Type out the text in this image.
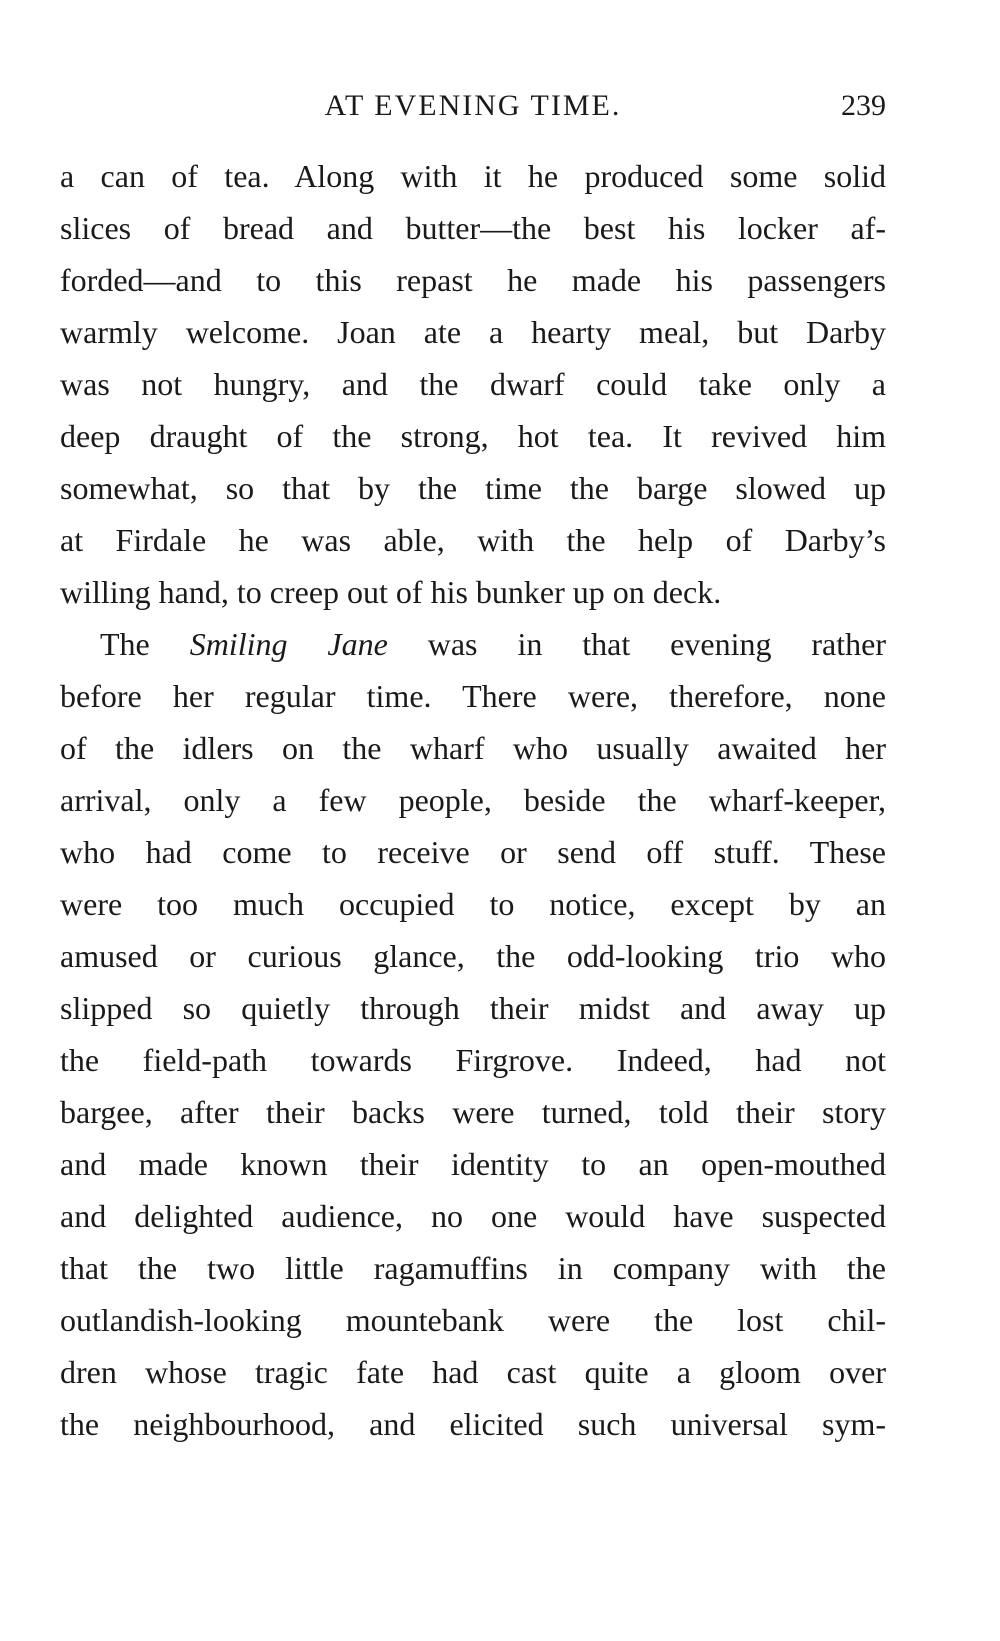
AT EVENING TIME.	239
a can of tea. Along with it he produced some solid
slices of bread and butter—the best his locker af-
forded—and to this repast he made his passengers
warmly welcome. Joan ate a hearty meal, but Darby
was not hungry, and the dwarf could take only a
deep draught of the strong, hot tea. It revived him
somewhat, so that by the time the barge slowed up
at Firdale he was able, with the help of Darby’s
willing hand, to creep out of his bunker up on deck.
The Smiling Jane was in that evening rather
before her regular time. There were, therefore, none
of the idlers on the wharf who usually awaited her
arrival, only a few people, beside the wharf-keeper,
who had come to receive or send off stuff. These
were too much occupied to notice, except by an
amused or curious glance, the odd-looking trio who
slipped so quietly through their midst and away up
the field-path towards Firgrove. Indeed, had not
bargee, after their backs were turned, told their story
and made known their identity to an open-mouthed
and delighted audience, no one would have suspected
that the two little ragamuffins in company with the
outlandish-looking mountebank were the lost chil-
dren whose tragic fate had cast quite a gloom over
the neighbourhood, and elicited such universal sym-
